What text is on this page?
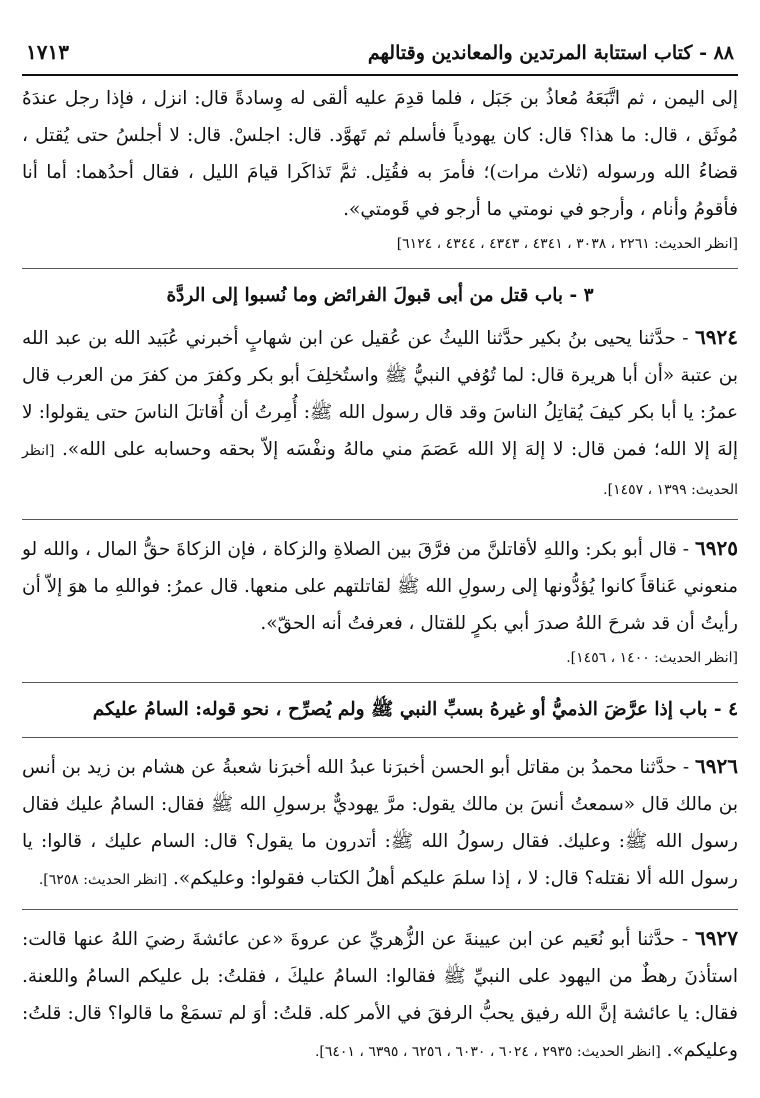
٨٨ - كتاب استتابة المرتدين والمعاندين وقتالهم
١٧١٣

إلى اليمن ، ثم اتَّبَعَهُ مُعاذُ بن جَبَل ، فلما قدِمَ عليه ألقى له وِسادةً قال: انزل ، فإذا رجل عندَهُ مُوثَق ، قال: ما هذا؟ قال: كان يهودياً فأسلم ثم تَهوَّد. قال: اجلسْ. قال: لا أجلسُ حتى يُقتل ، قضاءُ الله ورسوله (ثلاث مرات)؛ فأمرَ به فقُتِل. ثمَّ تَذاكَرا قيامَ الليل ، فقال أحدُهما: أما أنا فأقومُ وأنام ، وأرجو في نومتي ما أرجو في قَومتي».

[انظر الحديث: ٢٢٦١ ، ٣٠٣٨ ، ٤٣٤١ ، ٤٣٤٣ ، ٤٣٤٤ ، ٦١٢٤]

٣ - باب قتل من أبى قبولَ الفرائض وما نُسبوا إلى الردَّة

٦٩٢٤ - حدَّثنا يحيى بنُ بكير حدَّثنا الليثُ عن عُقيل عن ابن شهابٍ أخبرني عُبَيد الله بن عبد الله بن عتبة «أن أبا هريرة قال: لما تُوُفي النبيُّ ﷺ واستُخلِفَ أبو بكر وكفرَ من كفرَ من العرب قال عمرُ: يا أبا بكر كيفَ يُقاتِلُ الناسَ وقد قال رسول الله ﷺ: أُمِرتُ أن أُقاتلَ الناسَ حتى يقولوا: لا إلهَ إلا الله؛ فمن قال: لا إلهَ إلا الله عَصَمَ مني مالهُ ونفْسَه إلاّ بحقه وحسابه على الله». [انظر الحديث: ١٣٩٩ ، ١٤٥٧].

٦٩٢٥ - قال أبو بكر: واللهِ لأقاتلنَّ من فرَّقَ بين الصلاةِ والزكاة ، فإن الزكاةَ حقُّ المال ، والله لو منعوني عَناقاً كانوا يُؤدُّونها إلى رسولِ الله ﷺ لقاتلتهم على منعها. قال عمرُ: فواللهِ ما هوَ إلاّ أن رأيتُ أن قد شرحَ اللهُ صدرَ أبي بكرٍ للقتال ، فعرفتُ أنه الحقّ».

[انظر الحديث: ١٤٠٠ ، ١٤٥٦].

٤ - باب إذا عرَّضَ الذميُّ أو غيرهُ بسبِّ النبي ﷺ ولم يُصرِّح ، نحو قوله: السامُ عليكم

٦٩٢٦ - حدَّثنا محمدُ بن مقاتل أبو الحسن أخبرَنا عبدُ الله أخبرَنا شعبةُ عن هشام بن زيد بن أنس بن مالك قال «سمعتُ أنسَ بن مالك يقول: مرَّ يهوديٌّ برسولِ الله ﷺ فقال: السامُ عليك فقال رسول الله ﷺ: وعليك. فقال رسولُ الله ﷺ: أتدرون ما يقول؟ قال: السام عليك ، قالوا: يا رسول الله ألا نقتله؟ قال: لا ، إذا سلمَ عليكم أهلُ الكتاب فقولوا: وعليكم». [انظر الحديث: ٦٢٥٨].

٦٩٢٧ - حدَّثنا أبو نُعَيم عن ابن عيينةَ عن الزُّهريِّ عن عروةَ «عن عائشةَ رضيَ اللهُ عنها قالت: استأذنَ رهطٌ من اليهود على النبيِّ ﷺ فقالوا: السامُ عليكَ ، فقلتُ: بل عليكم السامُ واللعنة. فقال: يا عائشة إنَّ الله رفيق يحبُّ الرفقَ في الأمر كله. قلتُ: أوَ لم تسمَعْ ما قالوا؟ قال: قلتُ: وعليكم». [انظر الحديث: ٢٩٣٥ ، ٦٠٢٤ ، ٦٠٣٠ ، ٦٢٥٦ ، ٦٣٩٥ ، ٦٤٠١].
